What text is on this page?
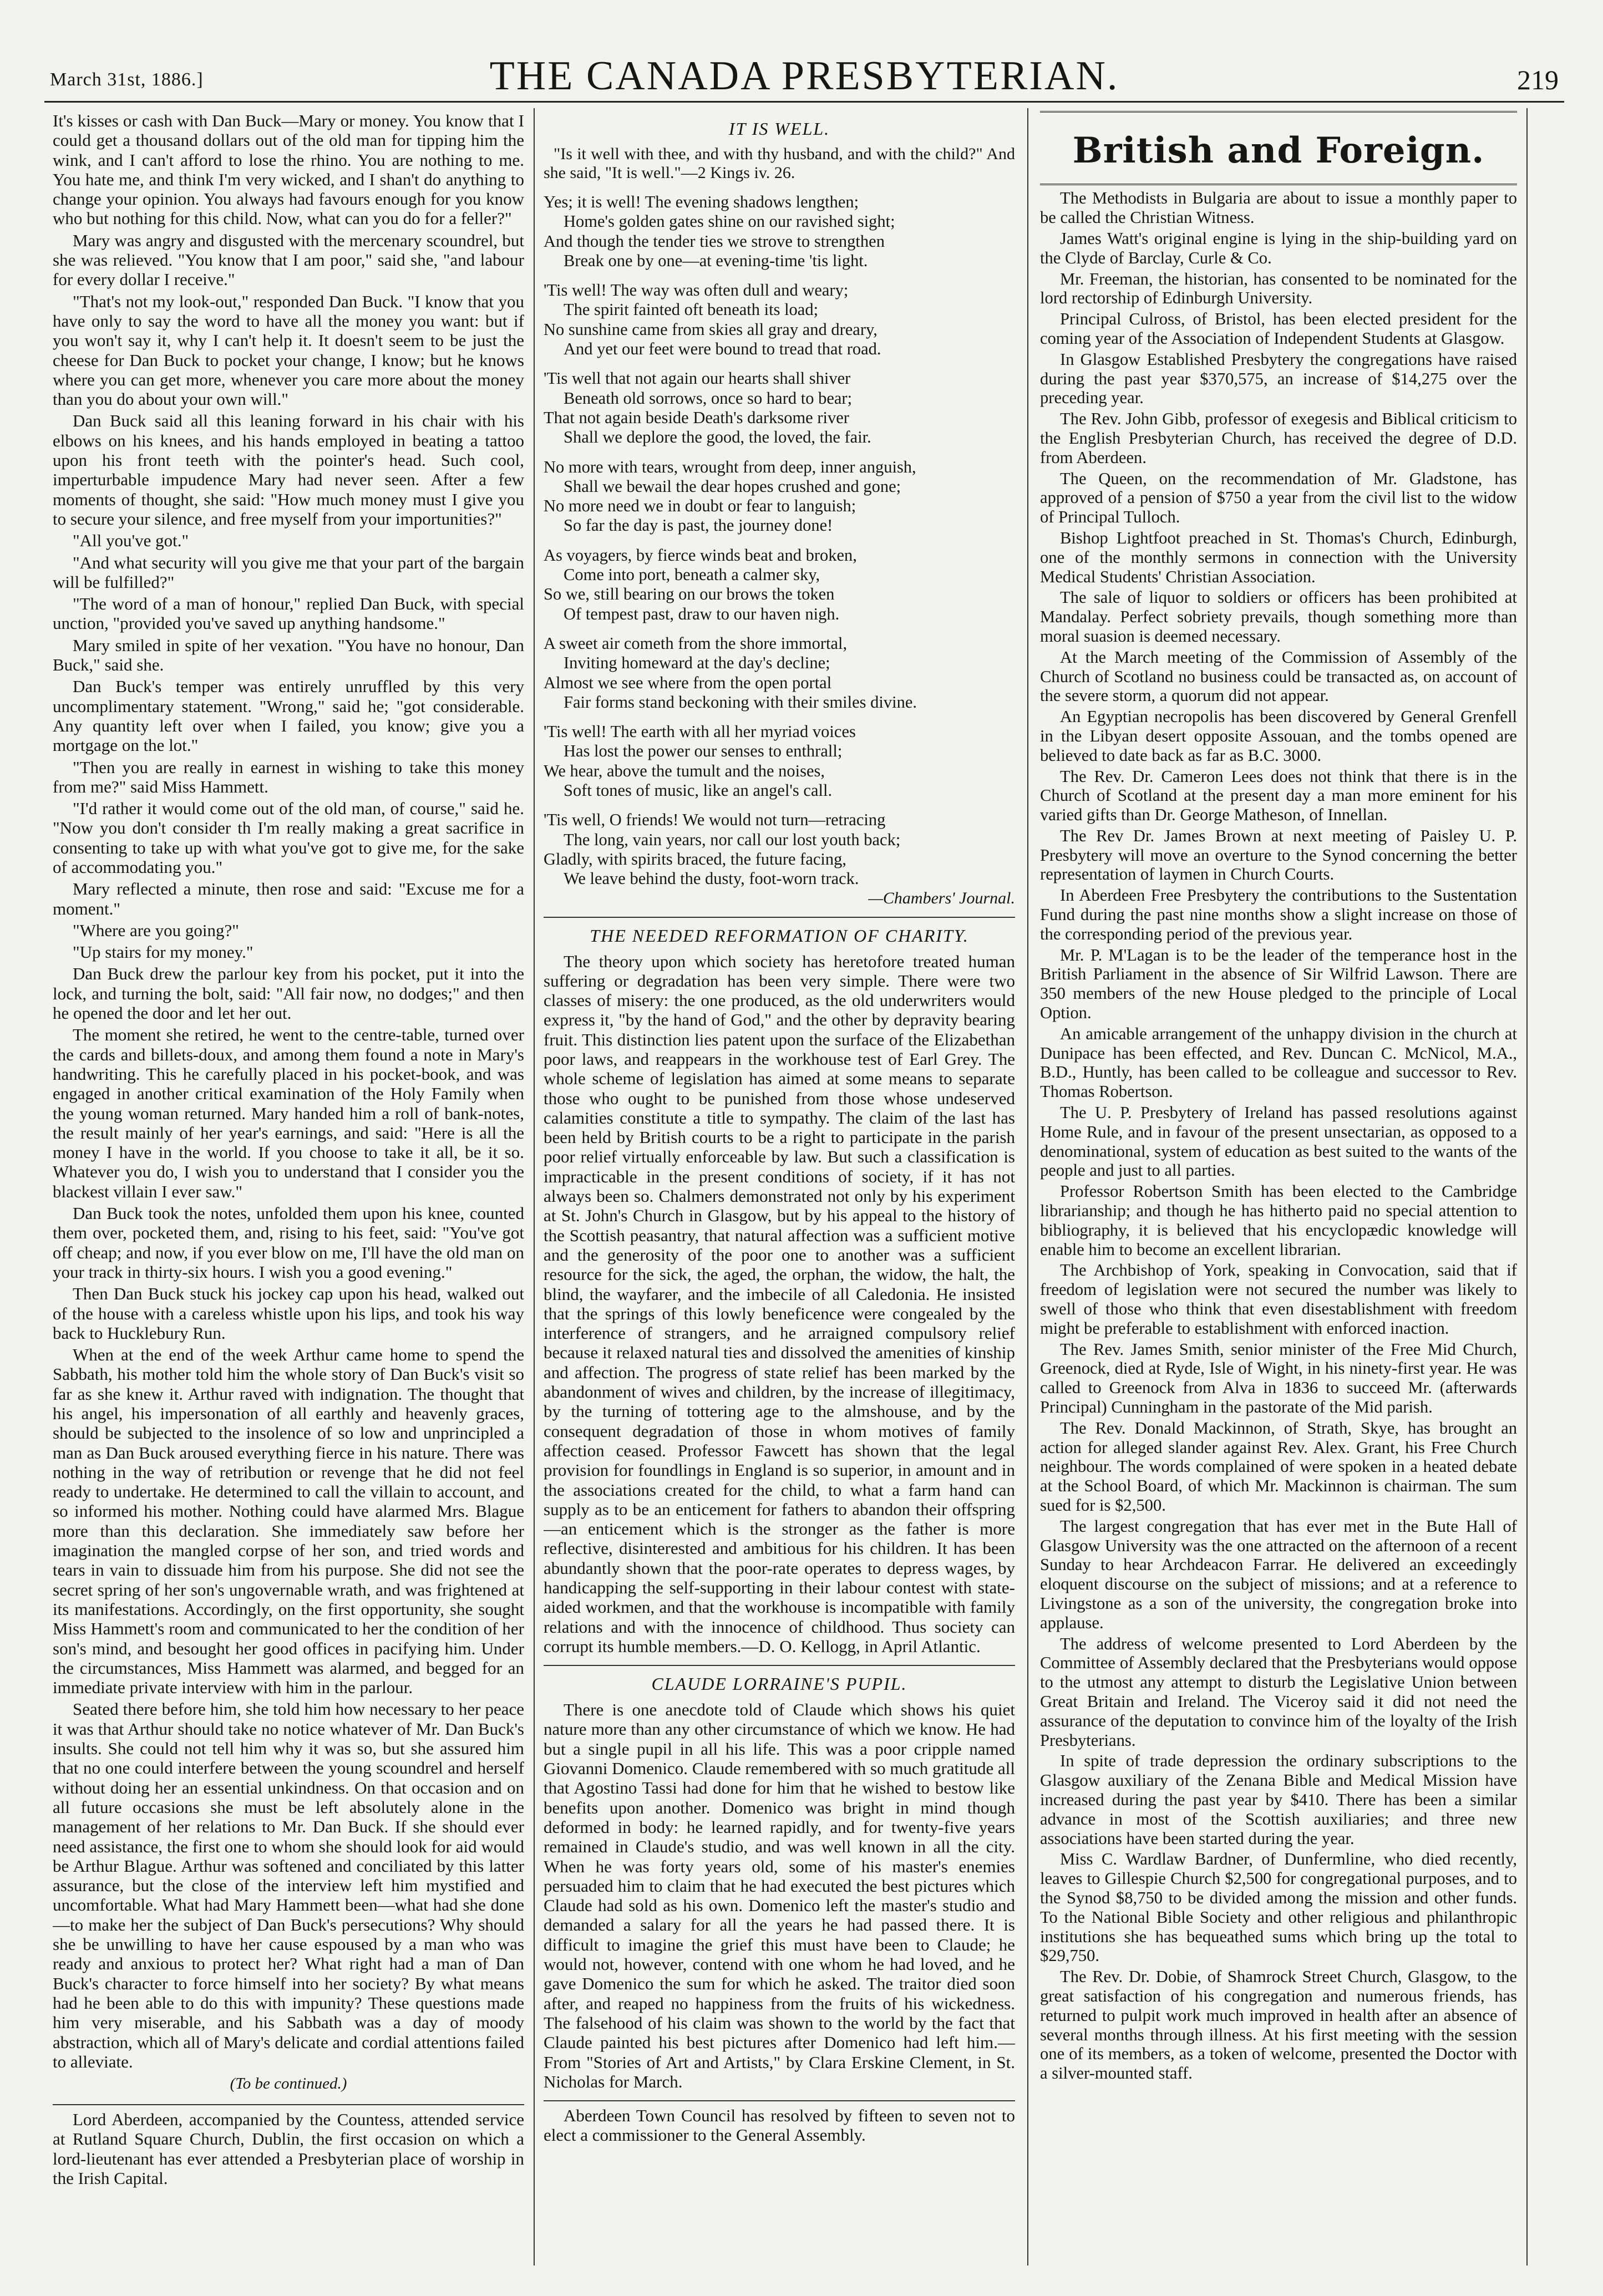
March 31st, 1886.]	THE CANADA PRESBYTERIAN.	219

It's kisses or cash with Dan Buck—Mary or money. You know that I could get a thousand dollars out of the old man for tipping him the wink, and I can't afford to lose the rhino. You are nothing to me. You hate me, and think I'm very wicked, and I shan't do anything to change your opinion. You always had favours enough for you know who but nothing for this child. Now, what can you do for a feller?"

Mary was angry and disgusted with the mercenary scoundrel, but she was relieved. "You know that I am poor," said she, "and labour for every dollar I receive."

"That's not my look-out," responded Dan Buck. "I know that you have only to say the word to have all the money you want: but if you won't say it, why I can't help it. It doesn't seem to be just the cheese for Dan Buck to pocket your change, I know; but he knows where you can get more, whenever you care more about the money than you do about your own will."

Dan Buck said all this leaning forward in his chair with his elbows on his knees, and his hands employed in beating a tattoo upon his front teeth with the pointer's head. Such cool, imperturbable impudence Mary had never seen. After a few moments of thought, she said: "How much money must I give you to secure your silence, and free myself from your importunities?"

"All you've got."

"And what security will you give me that your part of the bargain will be fulfilled?"

"The word of a man of honour," replied Dan Buck, with special unction, "provided you've saved up anything handsome."

Mary smiled in spite of her vexation. "You have no honour, Dan Buck," said she.

Dan Buck's temper was entirely unruffled by this very uncomplimentary statement. "Wrong," said he; "got considerable. Any quantity left over when I failed, you know; give you a mortgage on the lot."

"Then you are really in earnest in wishing to take this money from me?" said Miss Hammett.

"I'd rather it would come out of the old man, of course," said he. "Now you don't consider th I'm really making a great sacrifice in consenting to take up with what you've got to give me, for the sake of accommodating you."

Mary reflected a minute, then rose and said: "Excuse me for a moment."

"Where are you going?"

"Up stairs for my money."

Dan Buck drew the parlour key from his pocket, put it into the lock, and turning the bolt, said: "All fair now, no dodges;" and then he opened the door and let her out.

The moment she retired, he went to the centre-table, turned over the cards and billets-doux, and among them found a note in Mary's handwriting. This he carefully placed in his pocket-book, and was engaged in another critical examination of the Holy Family when the young woman returned. Mary handed him a roll of bank-notes, the result mainly of her year's earnings, and said: "Here is all the money I have in the world. If you choose to take it all, be it so. Whatever you do, I wish you to understand that I consider you the blackest villain I ever saw."

Dan Buck took the notes, unfolded them upon his knee, counted them over, pocketed them, and, rising to his feet, said: "You've got off cheap; and now, if you ever blow on me, I'll have the old man on your track in thirty-six hours. I wish you a good evening."

Then Dan Buck stuck his jockey cap upon his head, walked out of the house with a careless whistle upon his lips, and took his way back to Hucklebury Run.

When at the end of the week Arthur came home to spend the Sabbath, his mother told him the whole story of Dan Buck's visit so far as she knew it. Arthur raved with indignation. The thought that his angel, his impersonation of all earthly and heavenly graces, should be subjected to the insolence of so low and unprincipled a man as Dan Buck aroused everything fierce in his nature. There was nothing in the way of retribution or revenge that he did not feel ready to undertake. He determined to call the villain to account, and so informed his mother. Nothing could have alarmed Mrs. Blague more than this declaration. She immediately saw before her imagination the mangled corpse of her son, and tried words and tears in vain to dissuade him from his purpose. She did not see the secret spring of her son's ungovernable wrath, and was frightened at its manifestations. Accordingly, on the first opportunity, she sought Miss Hammett's room and communicated to her the condition of her son's mind, and besought her good offices in pacifying him. Under the circumstances, Miss Hammett was alarmed, and begged for an immediate private interview with him in the parlour.

Seated there before him, she told him how necessary to her peace it was that Arthur should take no notice whatever of Mr. Dan Buck's insults. She could not tell him why it was so, but she assured him that no one could interfere between the young scoundrel and herself without doing her an essential unkindness. On that occasion and on all future occasions she must be left absolutely alone in the management of her relations to Mr. Dan Buck. If she should ever need assistance, the first one to whom she should look for aid would be Arthur Blague. Arthur was softened and conciliated by this latter assurance, but the close of the interview left him mystified and uncomfortable. What had Mary Hammett been—what had she done—to make her the subject of Dan Buck's persecutions? Why should she be unwilling to have her cause espoused by a man who was ready and anxious to protect her? What right had a man of Dan Buck's character to force himself into her society? By what means had he been able to do this with impunity? These questions made him very miserable, and his Sabbath was a day of moody abstraction, which all of Mary's delicate and cordial attentions failed to alleviate.

(To be continued.)

Lord Aberdeen, accompanied by the Countess, attended service at Rutland Square Church, Dublin, the first occasion on which a lord-lieutenant has ever attended a Presbyterian place of worship in the Irish Capital.

IT IS WELL.

"Is it well with thee, and with thy husband, and with the child?" And she said, "It is well."—2 Kings iv. 26.

Yes; it is well! The evening shadows lengthen;
Home's golden gates shine on our ravished sight;
And though the tender ties we strove to strengthen
Break one by one—at evening-time 'tis light.
'Tis well! The way was often dull and weary;
The spirit fainted oft beneath its load;
No sunshine came from skies all gray and dreary,
And yet our feet were bound to tread that road.
'Tis well that not again our hearts shall shiver
Beneath old sorrows, once so hard to bear;
That not again beside Death's darksome river
Shall we deplore the good, the loved, the fair.
No more with tears, wrought from deep, inner anguish,
Shall we bewail the dear hopes crushed and gone;
No more need we in doubt or fear to languish;
So far the day is past, the journey done!
As voyagers, by fierce winds beat and broken,
Come into port, beneath a calmer sky,
So we, still bearing on our brows the token
Of tempest past, draw to our haven nigh.
A sweet air cometh from the shore immortal,
Inviting homeward at the day's decline;
Almost we see where from the open portal
Fair forms stand beckoning with their smiles divine.
'Tis well! The earth with all her myriad voices
Has lost the power our senses to enthrall;
We hear, above the tumult and the noises,
Soft tones of music, like an angel's call.
'Tis well, O friends! We would not turn—retracing
The long, vain years, nor call our lost youth back;
Gladly, with spirits braced, the future facing,
We leave behind the dusty, foot-worn track.
—Chambers' Journal.
THE NEEDED REFORMATION OF CHARITY.

The theory upon which society has heretofore treated human suffering or degradation has been very simple. There were two classes of misery: the one produced, as the old underwriters would express it, "by the hand of God," and the other by depravity bearing fruit. This distinction lies patent upon the surface of the Elizabethan poor laws, and reappears in the workhouse test of Earl Grey. The whole scheme of legislation has aimed at some means to separate those who ought to be punished from those whose undeserved calamities constitute a title to sympathy. The claim of the last has been held by British courts to be a right to participate in the parish poor relief virtually enforceable by law. But such a classification is impracticable in the present conditions of society, if it has not always been so. Chalmers demonstrated not only by his experiment at St. John's Church in Glasgow, but by his appeal to the history of the Scottish peasantry, that natural affection was a sufficient motive and the generosity of the poor one to another was a sufficient resource for the sick, the aged, the orphan, the widow, the halt, the blind, the wayfarer, and the imbecile of all Caledonia. He insisted that the springs of this lowly beneficence were congealed by the interference of strangers, and he arraigned compulsory relief because it relaxed natural ties and dissolved the amenities of kinship and affection. The progress of state relief has been marked by the abandonment of wives and children, by the increase of illegitimacy, by the turning of tottering age to the almshouse, and by the consequent degradation of those in whom motives of family affection ceased. Professor Fawcett has shown that the legal provision for foundlings in England is so superior, in amount and in the associations created for the child, to what a farm hand can supply as to be an enticement for fathers to abandon their offspring—an enticement which is the stronger as the father is more reflective, disinterested and ambitious for his children. It has been abundantly shown that the poor-rate operates to depress wages, by handicapping the self-supporting in their labour contest with state-aided workmen, and that the workhouse is incompatible with family relations and with the innocence of childhood. Thus society can corrupt its humble members.—D. O. Kellogg, in April Atlantic.

CLAUDE LORRAINE'S PUPIL.

There is one anecdote told of Claude which shows his quiet nature more than any other circumstance of which we know. He had but a single pupil in all his life. This was a poor cripple named Giovanni Domenico. Claude remembered with so much gratitude all that Agostino Tassi had done for him that he wished to bestow like benefits upon another. Domenico was bright in mind though deformed in body: he learned rapidly, and for twenty-five years remained in Claude's studio, and was well known in all the city. When he was forty years old, some of his master's enemies persuaded him to claim that he had executed the best pictures which Claude had sold as his own. Domenico left the master's studio and demanded a salary for all the years he had passed there. It is difficult to imagine the grief this must have been to Claude; he would not, however, contend with one whom he had loved, and he gave Domenico the sum for which he asked. The traitor died soon after, and reaped no happiness from the fruits of his wickedness. The falsehood of his claim was shown to the world by the fact that Claude painted his best pictures after Domenico had left him.—From "Stories of Art and Artists," by Clara Erskine Clement, in St. Nicholas for March.

Aberdeen Town Council has resolved by fifteen to seven not to elect a commissioner to the General Assembly.

British and Foreign.

The Methodists in Bulgaria are about to issue a monthly paper to be called the Christian Witness.

James Watt's original engine is lying in the ship-building yard on the Clyde of Barclay, Curle & Co.

Mr. Freeman, the historian, has consented to be nominated for the lord rectorship of Edinburgh University.

Principal Culross, of Bristol, has been elected president for the coming year of the Association of Independent Students at Glasgow.

In Glasgow Established Presbytery the congregations have raised during the past year $370,575, an increase of $14,275 over the preceding year.

The Rev. John Gibb, professor of exegesis and Biblical criticism to the English Presbyterian Church, has received the degree of D.D. from Aberdeen.

The Queen, on the recommendation of Mr. Gladstone, has approved of a pension of $750 a year from the civil list to the widow of Principal Tulloch.

Bishop Lightfoot preached in St. Thomas's Church, Edinburgh, one of the monthly sermons in connection with the University Medical Students' Christian Association.

The sale of liquor to soldiers or officers has been prohibited at Mandalay. Perfect sobriety prevails, though something more than moral suasion is deemed necessary.

At the March meeting of the Commission of Assembly of the Church of Scotland no business could be transacted as, on account of the severe storm, a quorum did not appear.

An Egyptian necropolis has been discovered by General Grenfell in the Libyan desert opposite Assouan, and the tombs opened are believed to date back as far as B.C. 3000.

The Rev. Dr. Cameron Lees does not think that there is in the Church of Scotland at the present day a man more eminent for his varied gifts than Dr. George Matheson, of Innellan.

The Rev Dr. James Brown at next meeting of Paisley U. P. Presbytery will move an overture to the Synod concerning the better representation of laymen in Church Courts.

In Aberdeen Free Presbytery the contributions to the Sustentation Fund during the past nine months show a slight increase on those of the corresponding period of the previous year.

Mr. P. M'Lagan is to be the leader of the temperance host in the British Parliament in the absence of Sir Wilfrid Lawson. There are 350 members of the new House pledged to the principle of Local Option.

An amicable arrangement of the unhappy division in the church at Dunipace has been effected, and Rev. Duncan C. McNicol, M.A., B.D., Huntly, has been called to be colleague and successor to Rev. Thomas Robertson.

The U. P. Presbytery of Ireland has passed resolutions against Home Rule, and in favour of the present unsectarian, as opposed to a denominational, system of education as best suited to the wants of the people and just to all parties.

Professor Robertson Smith has been elected to the Cambridge librarianship; and though he has hitherto paid no special attention to bibliography, it is believed that his encyclopædic knowledge will enable him to become an excellent librarian.

The Archbishop of York, speaking in Convocation, said that if freedom of legislation were not secured the number was likely to swell of those who think that even disestablishment with freedom might be preferable to establishment with enforced inaction.

The Rev. James Smith, senior minister of the Free Mid Church, Greenock, died at Ryde, Isle of Wight, in his ninety-first year. He was called to Greenock from Alva in 1836 to succeed Mr. (afterwards Principal) Cunningham in the pastorate of the Mid parish.

The Rev. Donald Mackinnon, of Strath, Skye, has brought an action for alleged slander against Rev. Alex. Grant, his Free Church neighbour. The words complained of were spoken in a heated debate at the School Board, of which Mr. Mackinnon is chairman. The sum sued for is $2,500.

The largest congregation that has ever met in the Bute Hall of Glasgow University was the one attracted on the afternoon of a recent Sunday to hear Archdeacon Farrar. He delivered an exceedingly eloquent discourse on the subject of missions; and at a reference to Livingstone as a son of the university, the congregation broke into applause.

The address of welcome presented to Lord Aberdeen by the Committee of Assembly declared that the Presbyterians would oppose to the utmost any attempt to disturb the Legislative Union between Great Britain and Ireland. The Viceroy said it did not need the assurance of the deputation to convince him of the loyalty of the Irish Presbyterians.

In spite of trade depression the ordinary subscriptions to the Glasgow auxiliary of the Zenana Bible and Medical Mission have increased during the past year by $410. There has been a similar advance in most of the Scottish auxiliaries; and three new associations have been started during the year.

Miss C. Wardlaw Bardner, of Dunfermline, who died recently, leaves to Gillespie Church $2,500 for congregational purposes, and to the Synod $8,750 to be divided among the mission and other funds. To the National Bible Society and other religious and philanthropic institutions she has bequeathed sums which bring up the total to $29,750.

The Rev. Dr. Dobie, of Shamrock Street Church, Glasgow, to the great satisfaction of his congregation and numerous friends, has returned to pulpit work much improved in health after an absence of several months through illness. At his first meeting with the session one of its members, as a token of welcome, presented the Doctor with a silver-mounted staff.
